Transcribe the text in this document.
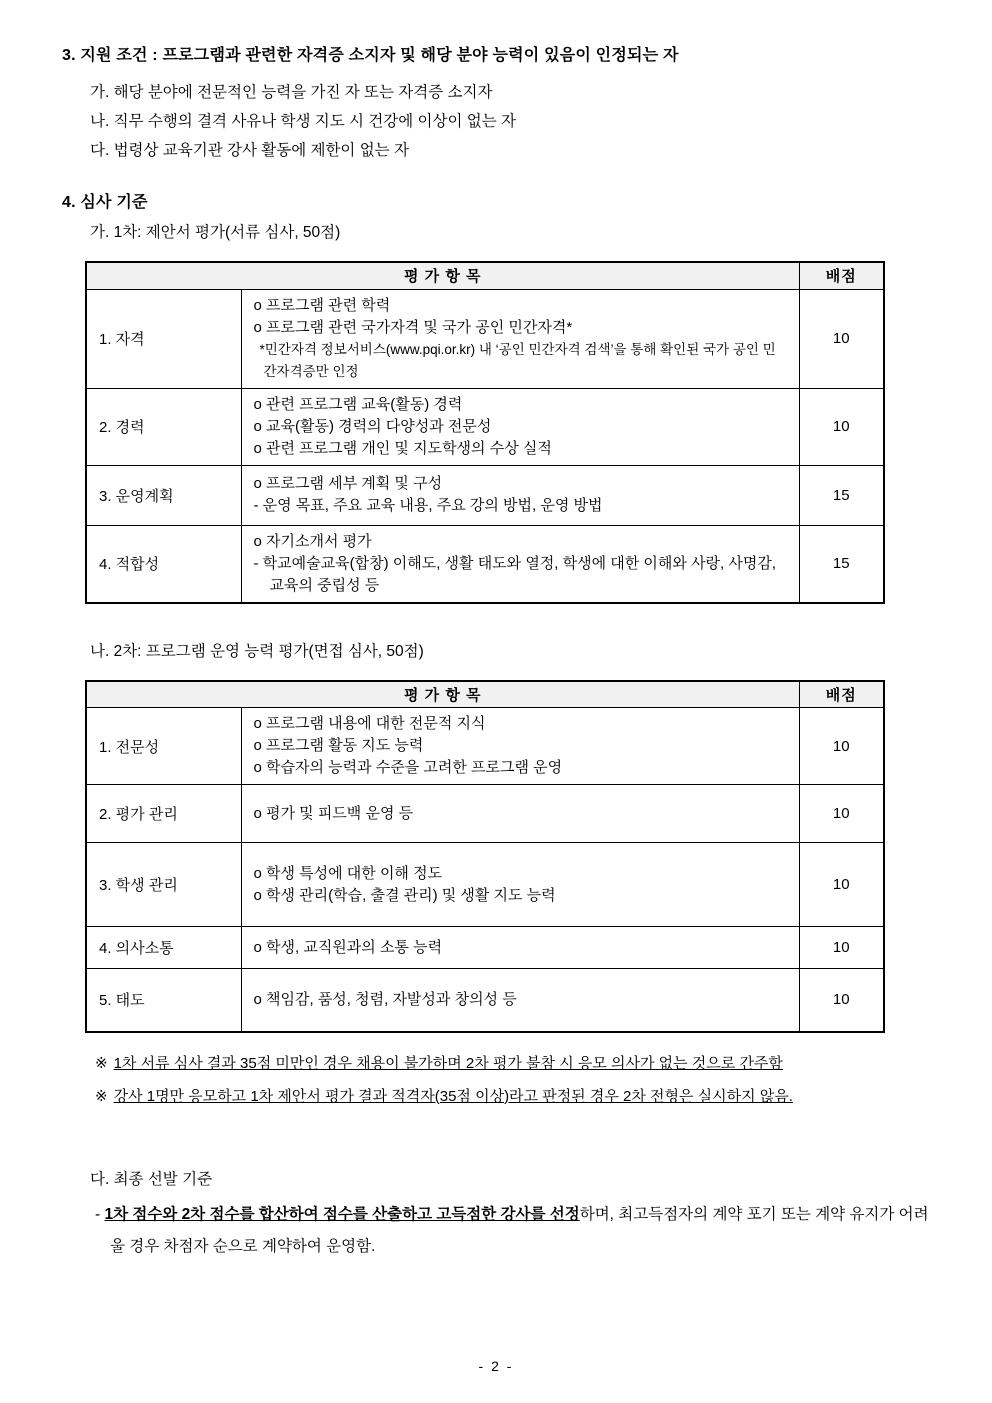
3. 지원 조건 : 프로그램과 관련한 자격증 소지자 및 해당 분야 능력이 있음이 인정되는 자
가. 해당 분야에 전문적인 능력을 가진 자 또는 자격증 소지자
나. 직무 수행의 결격 사유나 학생 지도 시 건강에 이상이 없는 자
다. 법령상 교육기관 강사 활동에 제한이 없는 자
4. 심사 기준
가. 1차: 제안서 평가(서류 심사, 50점)
평 가 항 목		배점
1. 자격	o 프로그램 관련 학력
o 프로그램 관련 국가자격 및 국가 공인 민간자격*
*민간자격 정보서비스(www.pqi.or.kr) 내 ‘공인 민간자격 검색’을 통해 확인된 국가 공인 민간자격증만 인정	10
2. 경력	o 관련 프로그램 교육(활동) 경력
o 교육(활동) 경력의 다양성과 전문성
o 관련 프로그램 개인 및 지도학생의 수상 실적	10
3. 운영계획	o 프로그램 세부 계획 및 구성
- 운영 목표, 주요 교육 내용, 주요 강의 방법, 운영 방법	15
4. 적합성	o 자기소개서 평가
- 학교예술교육(합창) 이해도, 생활 태도와 열정, 학생에 대한 이해와 사랑, 사명감, 교육의 중립성 등	15
나. 2차: 프로그램 운영 능력 평가(면접 심사, 50점)
평 가 항 목		배점
1. 전문성	o 프로그램 내용에 대한 전문적 지식
o 프로그램 활동 지도 능력
o 학습자의 능력과 수준을 고려한 프로그램 운영	10
2. 평가 관리	o 평가 및 피드백 운영 등	10
3. 학생 관리	o 학생 특성에 대한 이해 정도
o 학생 관리(학습, 출결 관리) 및 생활 지도 능력	10
4. 의사소통	o 학생, 교직원과의 소통 능력	10
5. 태도	o 책임감, 품성, 청렴, 자발성과 창의성 등	10
※ 1차 서류 심사 결과 35점 미만인 경우 채용이 불가하며 2차 평가 불참 시 응모 의사가 없는 것으로 간주함
※ 강사 1명만 응모하고 1차 제안서 평가 결과 적격자(35점 이상)라고 판정된 경우 2차 전형은 실시하지 않음.
다. 최종 선발 기준
- 1차 점수와 2차 점수를 합산하여 점수를 산출하고 고득점한 강사를 선정하며, 최고득점자의 계약 포기 또는 계약 유지가 어려울 경우 차점자 순으로 계약하여 운영함.
- 2 -
